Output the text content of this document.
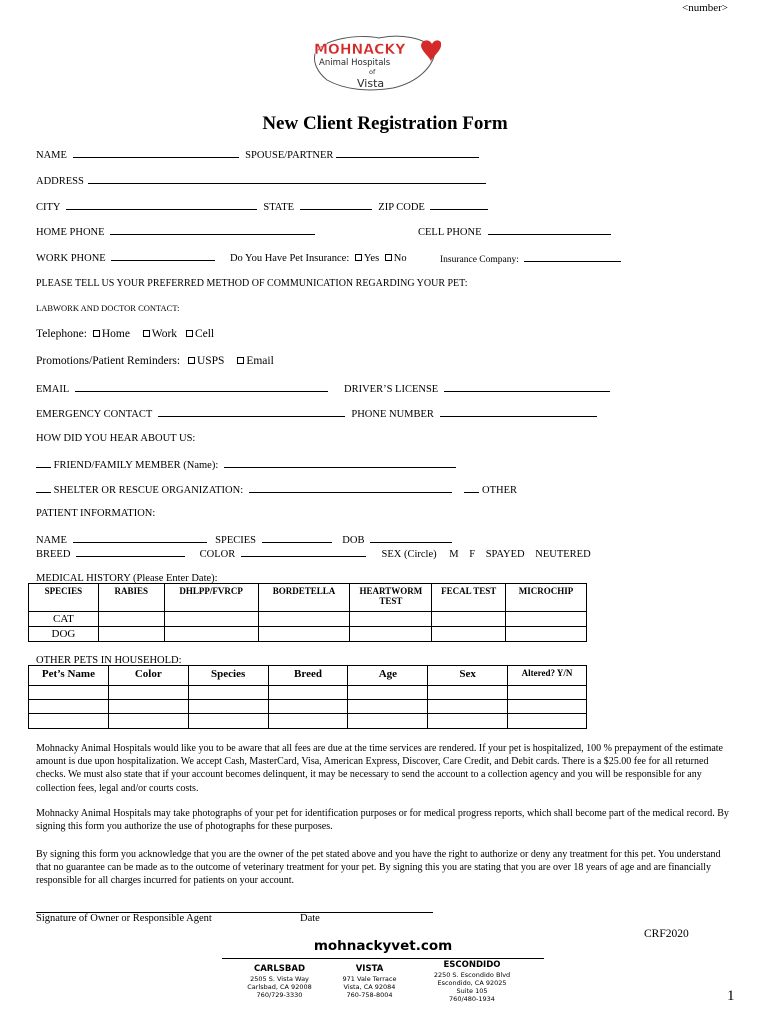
<number>
MOHNACKY
Animal Hospitals
of
Vista
New Client Registration Form
NAME	SPOUSE/PARTNER
ADDRESS
CITY	STATE	ZIP CODE
HOME PHONE	CELL PHONE
WORK PHONE	Do You Have Pet Insurance: Yes No	Insurance Company:
PLEASE TELL US YOUR PREFERRED METHOD OF COMMUNICATION REGARDING YOUR PET:
LABWORK AND DOCTOR CONTACT:
Telephone: Home Work Cell
Promotions/Patient Reminders: USPS Email
EMAIL	DRIVER’S LICENSE
EMERGENCY CONTACT	PHONE NUMBER
HOW DID YOU HEAR ABOUT US:
FRIEND/FAMILY MEMBER (Name):
SHELTER OR RESCUE ORGANIZATION:	OTHER
PATIENT INFORMATION:
NAME	SPECIES	DOB
BREED	COLOR	SEX (Circle) M F SPAYED NEUTERED
MEDICAL HISTORY (Please Enter Date):
SPECIES	RABIES	DHLPP/FVRCP	BORDETELLA	HEARTWORM TEST	FECAL TEST	MICROCHIP
CAT						
DOG						
OTHER PETS IN HOUSEHOLD:
Pet’s Name	Color	Species	Breed	Age	Sex	Altered? Y/N

Mohnacky Animal Hospitals would like you to be aware that all fees are due at the time services are rendered. If your pet is hospitalized, 100 % prepayment of the estimate amount is due upon hospitalization. We accept Cash, MasterCard, Visa, American Express, Discover, Care Credit, and Debit cards. There is a $25.00 fee for all returned checks. We must also state that if your account becomes delinquent, it may be necessary to send the account to a collection agency and you will be responsible for any collection fees, legal and/or courts costs.
Mohnacky Animal Hospitals may take photographs of your pet for identification purposes or for medical progress reports, which shall become part of the medical record. By signing this form you authorize the use of photographs for these purposes.
By signing this form you acknowledge that you are the owner of the pet stated above and you have the right to authorize or deny any treatment for this pet. You understand that no guarantee can be made as to the outcome of veterinary treatment for your pet. By signing this you are stating that you are over 18 years of age and are financially responsible for all charges incurred for patients on your account.
Signature of Owner or Responsible Agent	Date
CRF2020
mohnackyvet.com
CARLSBAD
2505 S. Vista Way
Carlsbad, CA 92008
760/729-3330
VISTA
971 Vale Terrace
Vista, CA 92084
760-758-8004
ESCONDIDO
2250 S. Escondido Blvd
Escondido, CA 92025
Suite 105
760/480-1934	1
